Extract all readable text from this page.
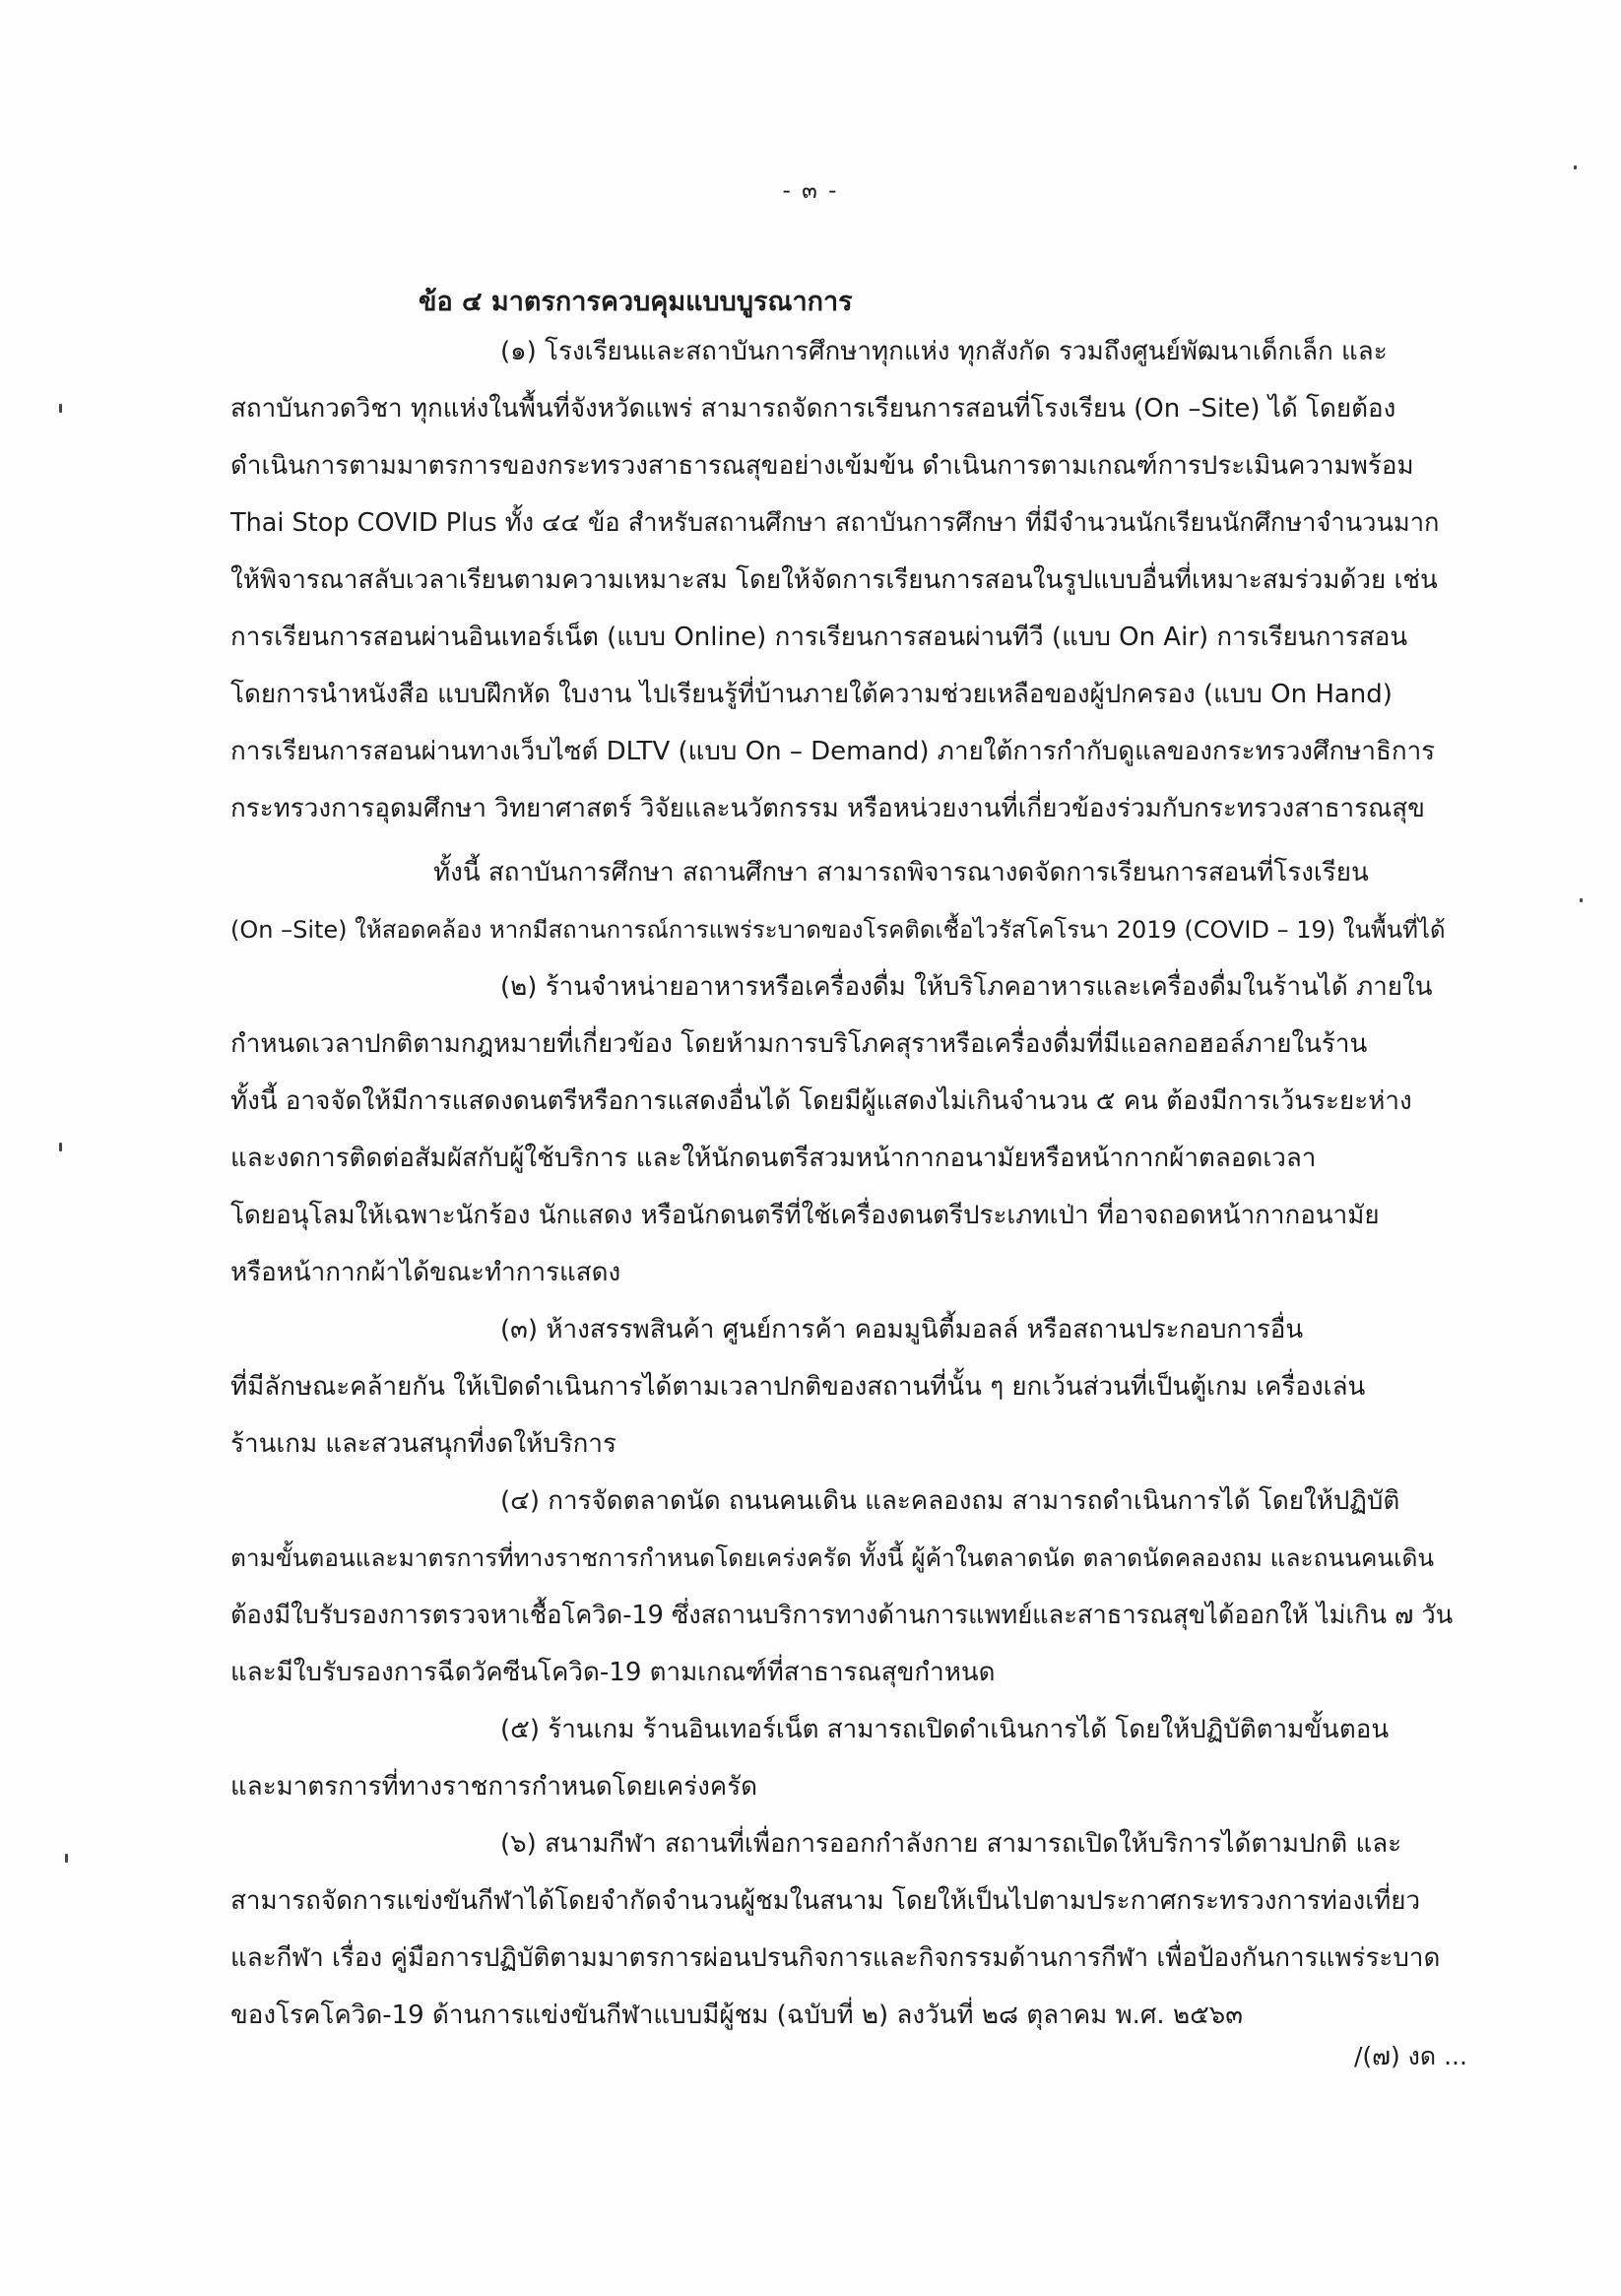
- ๓ -
ข้อ ๔ มาตรการควบคุมแบบบูรณาการ
(๑) โรงเรียนและสถาบันการศึกษาทุกแห่ง ทุกสังกัด รวมถึงศูนย์พัฒนาเด็กเล็ก และ
สถาบันกวดวิชา ทุกแห่งในพื้นที่จังหวัดแพร่ สามารถจัดการเรียนการสอนที่โรงเรียน (On –Site) ได้ โดยต้อง
ดำเนินการตามมาตรการของกระทรวงสาธารณสุขอย่างเข้มข้น ดำเนินการตามเกณฑ์การประเมินความพร้อม
Thai Stop COVID Plus ทั้ง ๔๔ ข้อ สำหรับสถานศึกษา สถาบันการศึกษา ที่มีจำนวนนักเรียนนักศึกษาจำนวนมาก
ให้พิจารณาสลับเวลาเรียนตามความเหมาะสม โดยให้จัดการเรียนการสอนในรูปแบบอื่นที่เหมาะสมร่วมด้วย เช่น
การเรียนการสอนผ่านอินเทอร์เน็ต (แบบ Online) การเรียนการสอนผ่านทีวี (แบบ On Air) การเรียนการสอน
โดยการนำหนังสือ แบบฝึกหัด ใบงาน ไปเรียนรู้ที่บ้านภายใต้ความช่วยเหลือของผู้ปกครอง (แบบ On Hand)
การเรียนการสอนผ่านทางเว็บไซต์ DLTV (แบบ On – Demand) ภายใต้การกำกับดูแลของกระทรวงศึกษาธิการ
กระทรวงการอุดมศึกษา วิทยาศาสตร์ วิจัยและนวัตกรรม หรือหน่วยงานที่เกี่ยวข้องร่วมกับกระทรวงสาธารณสุข
ทั้งนี้ สถาบันการศึกษา สถานศึกษา สามารถพิจารณางดจัดการเรียนการสอนที่โรงเรียน
(On –Site) ให้สอดคล้อง หากมีสถานการณ์การแพร่ระบาดของโรคติดเชื้อไวรัสโคโรนา 2019 (COVID – 19) ในพื้นที่ได้
(๒) ร้านจำหน่ายอาหารหรือเครื่องดื่ม ให้บริโภคอาหารและเครื่องดื่มในร้านได้ ภายใน
กำหนดเวลาปกติตามกฎหมายที่เกี่ยวข้อง โดยห้ามการบริโภคสุราหรือเครื่องดื่มที่มีแอลกอฮอล์ภายในร้าน
ทั้งนี้ อาจจัดให้มีการแสดงดนตรีหรือการแสดงอื่นได้ โดยมีผู้แสดงไม่เกินจำนวน ๕ คน ต้องมีการเว้นระยะห่าง
และงดการติดต่อสัมผัสกับผู้ใช้บริการ และให้นักดนตรีสวมหน้ากากอนามัยหรือหน้ากากผ้าตลอดเวลา
โดยอนุโลมให้เฉพาะนักร้อง นักแสดง หรือนักดนตรีที่ใช้เครื่องดนตรีประเภทเป่า ที่อาจถอดหน้ากากอนามัย
หรือหน้ากากผ้าได้ขณะทำการแสดง
(๓) ห้างสรรพสินค้า ศูนย์การค้า คอมมูนิตี้มอลล์ หรือสถานประกอบการอื่น
ที่มีลักษณะคล้ายกัน ให้เปิดดำเนินการได้ตามเวลาปกติของสถานที่นั้น ๆ ยกเว้นส่วนที่เป็นตู้เกม เครื่องเล่น
ร้านเกม และสวนสนุกที่งดให้บริการ
(๔) การจัดตลาดนัด ถนนคนเดิน และคลองถม สามารถดำเนินการได้ โดยให้ปฏิบัติ
ตามขั้นตอนและมาตรการที่ทางราชการกำหนดโดยเคร่งครัด ทั้งนี้ ผู้ค้าในตลาดนัด ตลาดนัดคลองถม และถนนคนเดิน
ต้องมีใบรับรองการตรวจหาเชื้อโควิด-19 ซึ่งสถานบริการทางด้านการแพทย์และสาธารณสุขได้ออกให้ ไม่เกิน ๗ วัน
และมีใบรับรองการฉีดวัคซีนโควิด-19 ตามเกณฑ์ที่สาธารณสุขกำหนด
(๕) ร้านเกม ร้านอินเทอร์เน็ต สามารถเปิดดำเนินการได้ โดยให้ปฏิบัติตามขั้นตอน
และมาตรการที่ทางราชการกำหนดโดยเคร่งครัด
(๖) สนามกีฬา สถานที่เพื่อการออกกำลังกาย สามารถเปิดให้บริการได้ตามปกติ และ
สามารถจัดการแข่งขันกีฬาได้โดยจำกัดจำนวนผู้ชมในสนาม โดยให้เป็นไปตามประกาศกระทรวงการท่องเที่ยว
และกีฬา เรื่อง คู่มือการปฏิบัติตามมาตรการผ่อนปรนกิจการและกิจกรรมด้านการกีฬา เพื่อป้องกันการแพร่ระบาด
ของโรคโควิด-19 ด้านการแข่งขันกีฬาแบบมีผู้ชม (ฉบับที่ ๒) ลงวันที่ ๒๘ ตุลาคม พ.ศ. ๒๕๖๓
/(๗) งด ...
